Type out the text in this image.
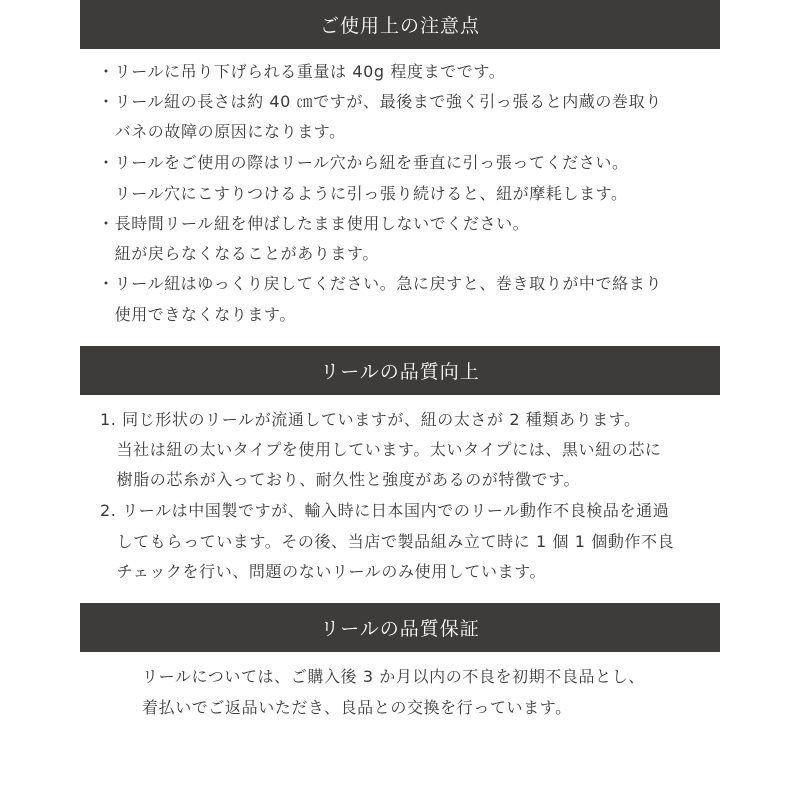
ご使用上の注意点
・リールに吊り下げられる重量は 40g 程度までです。
・リール紐の長さは約 40 ㎝ですが、最後まで強く引っ張ると内蔵の巻取り
　バネの故障の原因になります。
・リールをご使用の際はリール穴から紐を垂直に引っ張ってください。
　リール穴にこすりつけるように引っ張り続けると、紐が摩耗します。
・長時間リール紐を伸ばしたまま使用しないでください。
　紐が戻らなくなることがあります。
・リール紐はゆっくり戻してください。急に戻すと、巻き取りが中で絡まり
　使用できなくなります。
リールの品質向上
1. 同じ形状のリールが流通していますが、紐の太さが 2 種類あります。
　当社は紐の太いタイプを使用しています。太いタイプには、黒い紐の芯に
　樹脂の芯糸が入っており、耐久性と強度があるのが特徴です。
2. リールは中国製ですが、輸入時に日本国内でのリール動作不良検品を通過
　してもらっています。その後、当店で製品組み立て時に 1 個 1 個動作不良
　チェックを行い、問題のないリールのみ使用しています。
リールの品質保証
リールについては、ご購入後 3 か月以内の不良を初期不良品とし、
着払いでご返品いただき、良品との交換を行っています。
